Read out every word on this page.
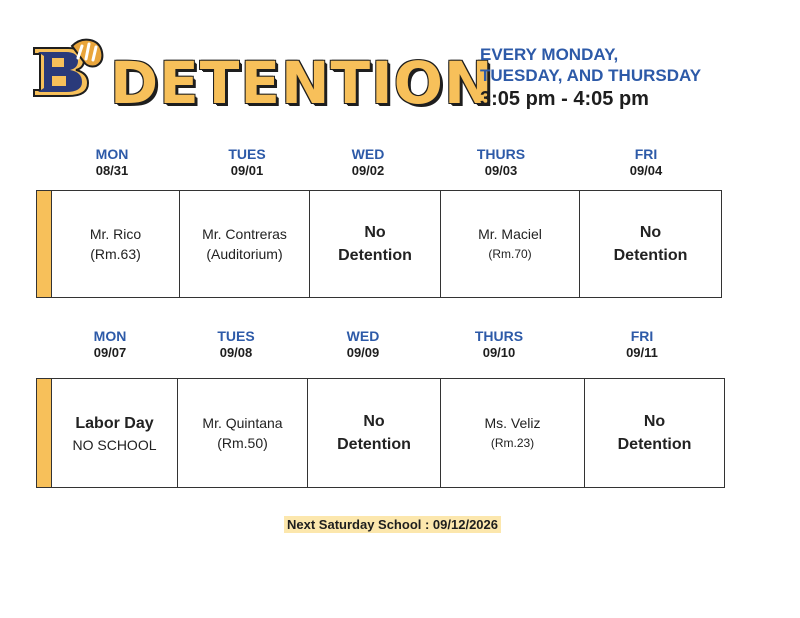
DETENTION
EVERY MONDAY,
TUESDAY, AND THURSDAY
3:05 pm - 4:05 pm
MON
08/31
TUES
09/01
WED
09/02
THURS
09/03
FRI
09/04
Mr. Rico
(Rm.63)
Mr. Contreras
(Auditorium)
No
Detention
Mr. Maciel
(Rm.70)
No
Detention
MON
09/07
TUES
09/08
WED
09/09
THURS
09/10
FRI
09/11
Labor Day
NO SCHOOL
Mr. Quintana
(Rm.50)
No
Detention
Ms. Veliz
(Rm.23)
No
Detention
Next Saturday School : 09/12/2026
